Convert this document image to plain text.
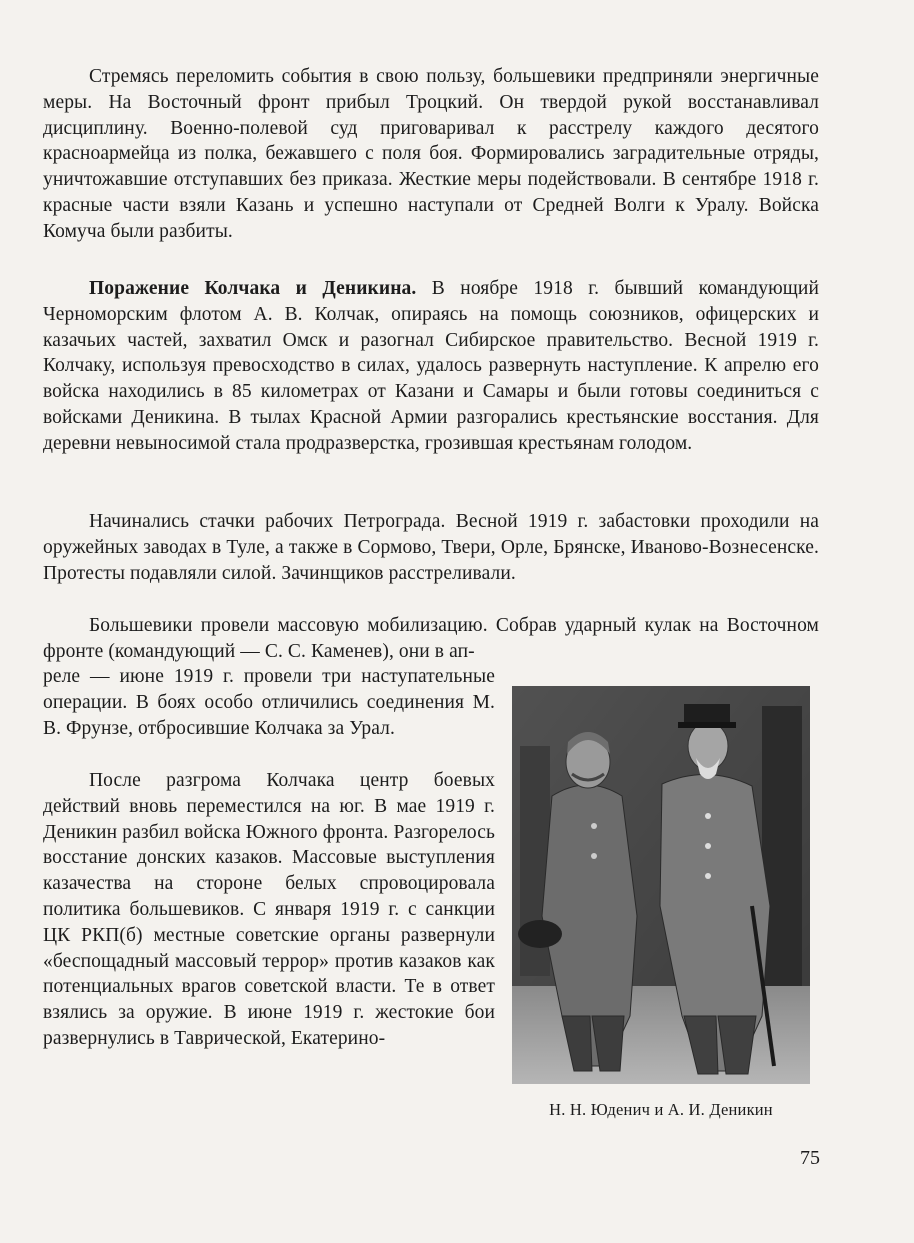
Стремясь переломить события в свою пользу, большевики предприняли энергичные меры. На Восточный фронт прибыл Троцкий. Он твердой рукой восстанавливал дисциплину. Военно-полевой суд приговаривал к расстрелу каждого десятого красноармейца из полка, бежавшего с поля боя. Формировались заградительные отряды, уничтожавшие отступавших без приказа. Жесткие меры подействовали. В сентябре 1918 г. красные части взяли Казань и успешно наступали от Средней Волги к Уралу. Войска Комуча были разбиты.

Поражение Колчака и Деникина. В ноябре 1918 г. бывший командующий Черноморским флотом А. В. Колчак, опираясь на помощь союзников, офицерских и казачьих частей, захватил Омск и разогнал Сибирское правительство. Весной 1919 г. Колчаку, используя превосходство в силах, удалось развернуть наступление. К апрелю его войска находились в 85 километрах от Казани и Самары и были готовы соединиться с войсками Деникина. В тылах Красной Армии разгорались крестьянские восстания. Для деревни невыносимой стала продразверстка, грозившая крестьянам голодом.

Начинались стачки рабочих Петрограда. Весной 1919 г. забастовки проходили на оружейных заводах в Туле, а также в Сормово, Твери, Орле, Брянске, Иваново-Вознесенске. Протесты подавляли силой. Зачинщиков расстреливали.

Большевики провели массовую мобилизацию. Собрав ударный кулак на Восточном фронте (командующий — С. С. Каменев), они в ап-

реле — июне 1919 г. провели три наступательные операции. В боях особо отличились соединения М. В. Фрунзе, отбросившие Колчака за Урал.

После разгрома Колчака центр боевых действий вновь переместился на юг. В мае 1919 г. Деникин разбил войска Южного фронта. Разгорелось восстание донских казаков. Массовые выступления казачества на стороне белых спровоцировала политика большевиков. С января 1919 г. с санкции ЦК РКП(б) местные советские органы развернули «беспощадный массовый террор» против казаков как потенциальных врагов советской власти. Те в ответ взялись за оружие. В июне 1919 г. жестокие бои развернулись в Таврической, Екатерино-

Н. Н. Юденич и А. И. Деникин
75
